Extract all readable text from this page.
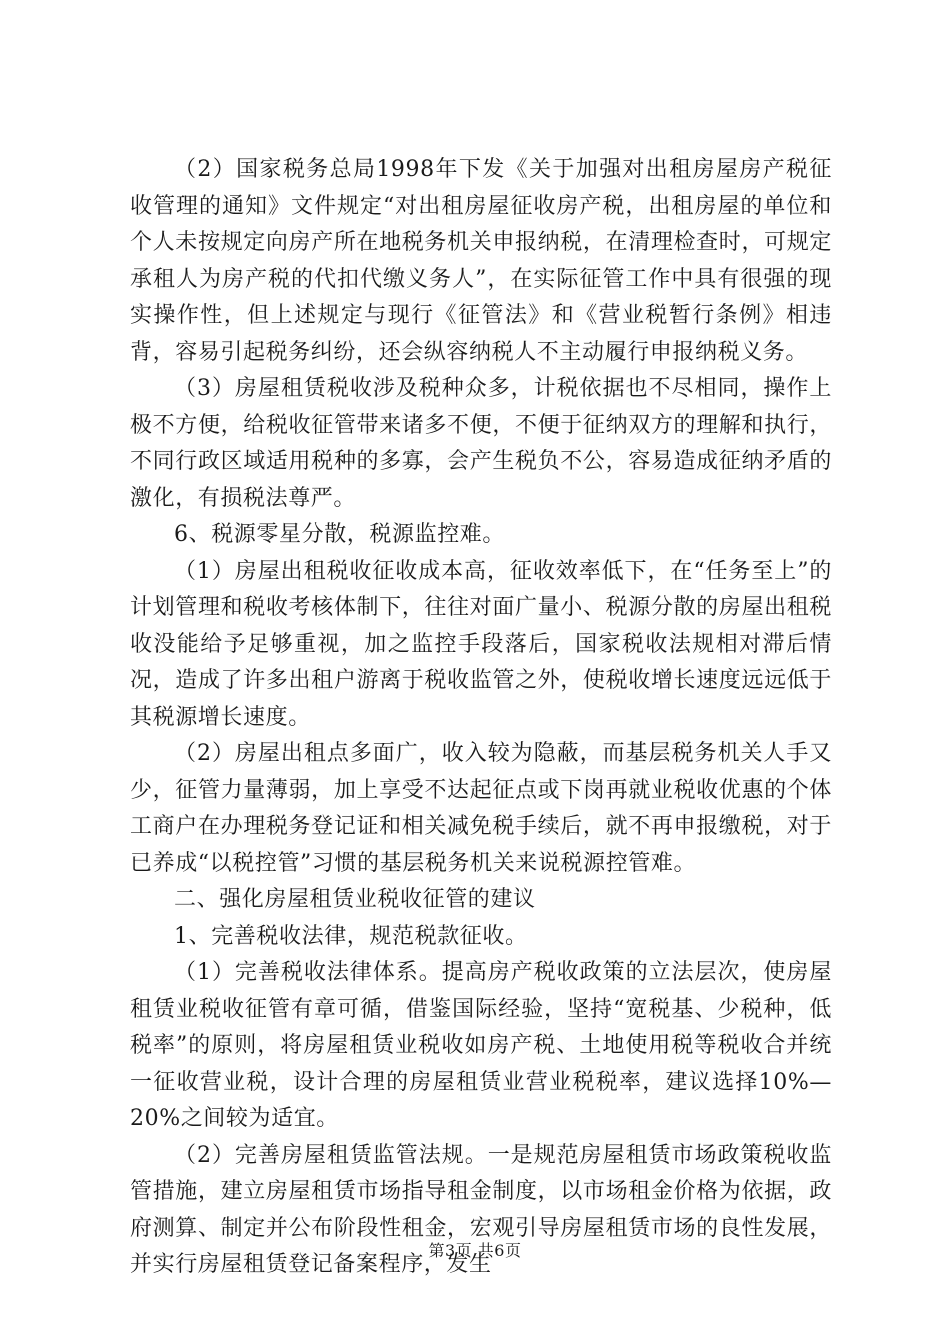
（2）国家税务总局1998年下发《关于加强对出租房屋房产税征收管理的通知》文件规定“对出租房屋征收房产税，出租房屋的单位和个人未按规定向房产所在地税务机关申报纳税，在清理检查时，可规定承租人为房产税的代扣代缴义务人”，在实际征管工作中具有很强的现实操作性，但上述规定与现行《征管法》和《营业税暂行条例》相违背，容易引起税务纠纷，还会纵容纳税人不主动履行申报纳税义务。

（3）房屋租赁税收涉及税种众多，计税依据也不尽相同，操作上极不方便，给税收征管带来诸多不便，不便于征纳双方的理解和执行，不同行政区域适用税种的多寡，会产生税负不公，容易造成征纳矛盾的激化，有损税法尊严。

6、税源零星分散，税源监控难。

（1）房屋出租税收征收成本高，征收效率低下，在“任务至上”的计划管理和税收考核体制下，往往对面广量小、税源分散的房屋出租税收没能给予足够重视，加之监控手段落后，国家税收法规相对滞后情况，造成了许多出租户游离于税收监管之外，使税收增长速度远远低于其税源增长速度。

（2）房屋出租点多面广，收入较为隐蔽，而基层税务机关人手又少，征管力量薄弱，加上享受不达起征点或下岗再就业税收优惠的个体工商户在办理税务登记证和相关减免税手续后，就不再申报缴税，对于已养成“以税控管”习惯的基层税务机关来说税源控管难。

二、强化房屋租赁业税收征管的建议

1、完善税收法律，规范税款征收。

（1）完善税收法律体系。提高房产税收政策的立法层次，使房屋租赁业税收征管有章可循，借鉴国际经验，坚持“宽税基、少税种，低税率”的原则，将房屋租赁业税收如房产税、土地使用税等税收合并统一征收营业税，设计合理的房屋租赁业营业税税率，建议选择10%—20%之间较为适宜。

（2）完善房屋租赁监管法规。一是规范房屋租赁市场政策税收监管措施，建立房屋租赁市场指导租金制度，以市场租金价格为依据，政府测算、制定并公布阶段性租金，宏观引导房屋租赁市场的良性发展，并实行房屋租赁登记备案程序，发生

第3页 共6页
